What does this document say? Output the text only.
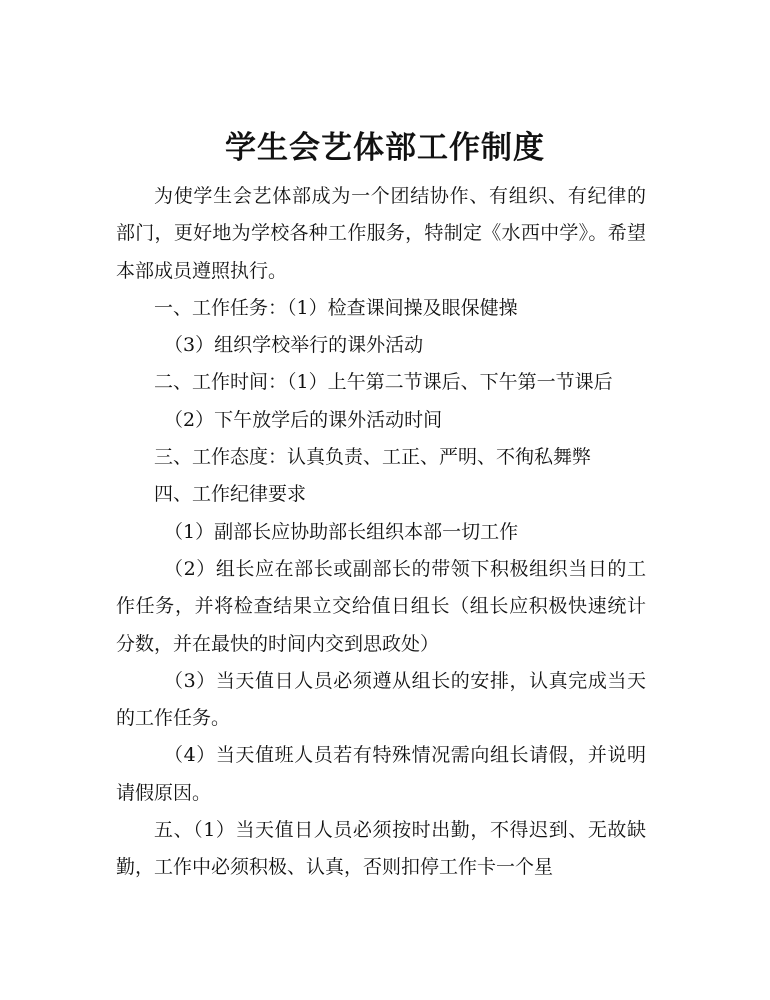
学生会艺体部工作制度

为使学生会艺体部成为一个团结协作、有组织、有纪律的部门，更好地为学校各种工作服务，特制定《水西中学》。希望本部成员遵照执行。

一、工作任务：（1）检查课间操及眼保健操

（3）组织学校举行的课外活动

二、工作时间：（1）上午第二节课后、下午第一节课后

（2）下午放学后的课外活动时间

三、工作态度：认真负责、工正、严明、不徇私舞弊

四、工作纪律要求

（1）副部长应协助部长组织本部一切工作

（2）组长应在部长或副部长的带领下积极组织当日的工作任务，并将检查结果立交给值日组长（组长应积极快速统计分数，并在最快的时间内交到思政处）

（3）当天值日人员必须遵从组长的安排，认真完成当天的工作任务。

（4）当天值班人员若有特殊情况需向组长请假，并说明请假原因。

五、（1）当天值日人员必须按时出勤，不得迟到、无故缺勤，工作中必须积极、认真，否则扣停工作卡一个星
